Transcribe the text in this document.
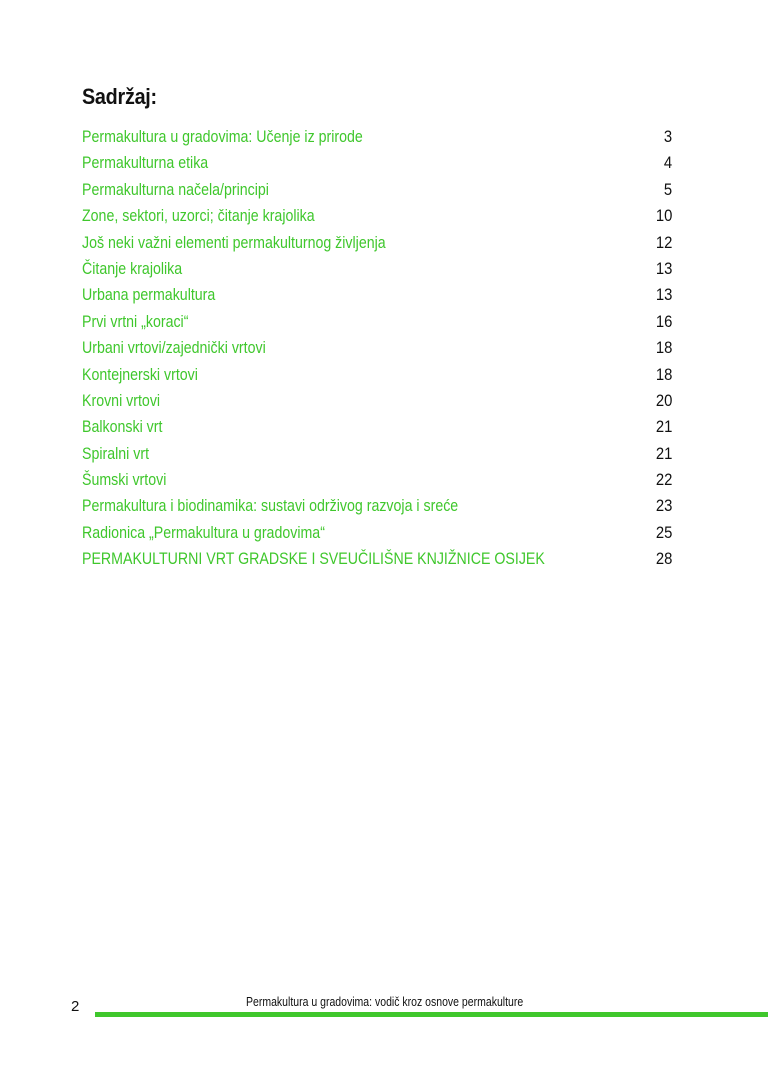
Sadržaj:
Permakultura u gradovima: Učenje iz prirode	3
Permakulturna etika	4
Permakulturna načela/principi	5
Zone, sektori, uzorci; čitanje krajolika	10
Još neki važni elementi permakulturnog življenja	12
Čitanje krajolika	13
Urbana permakultura	13
Prvi vrtni „koraci“	16
Urbani vrtovi/zajednički vrtovi	18
Kontejnerski vrtovi	18
Krovni vrtovi	20
Balkonski vrt	21
Spiralni vrt	21
Šumski vrtovi	22
Permakultura i biodinamika: sustavi održivog razvoja i sreće	23
Radionica „Permakultura u gradovima“	25
PERMAKULTURNI VRT GRADSKE I SVEUČILIŠNE KNJIŽNICE OSIJEK	28
2	Permakultura u gradovima: vodič kroz osnove permakulture
